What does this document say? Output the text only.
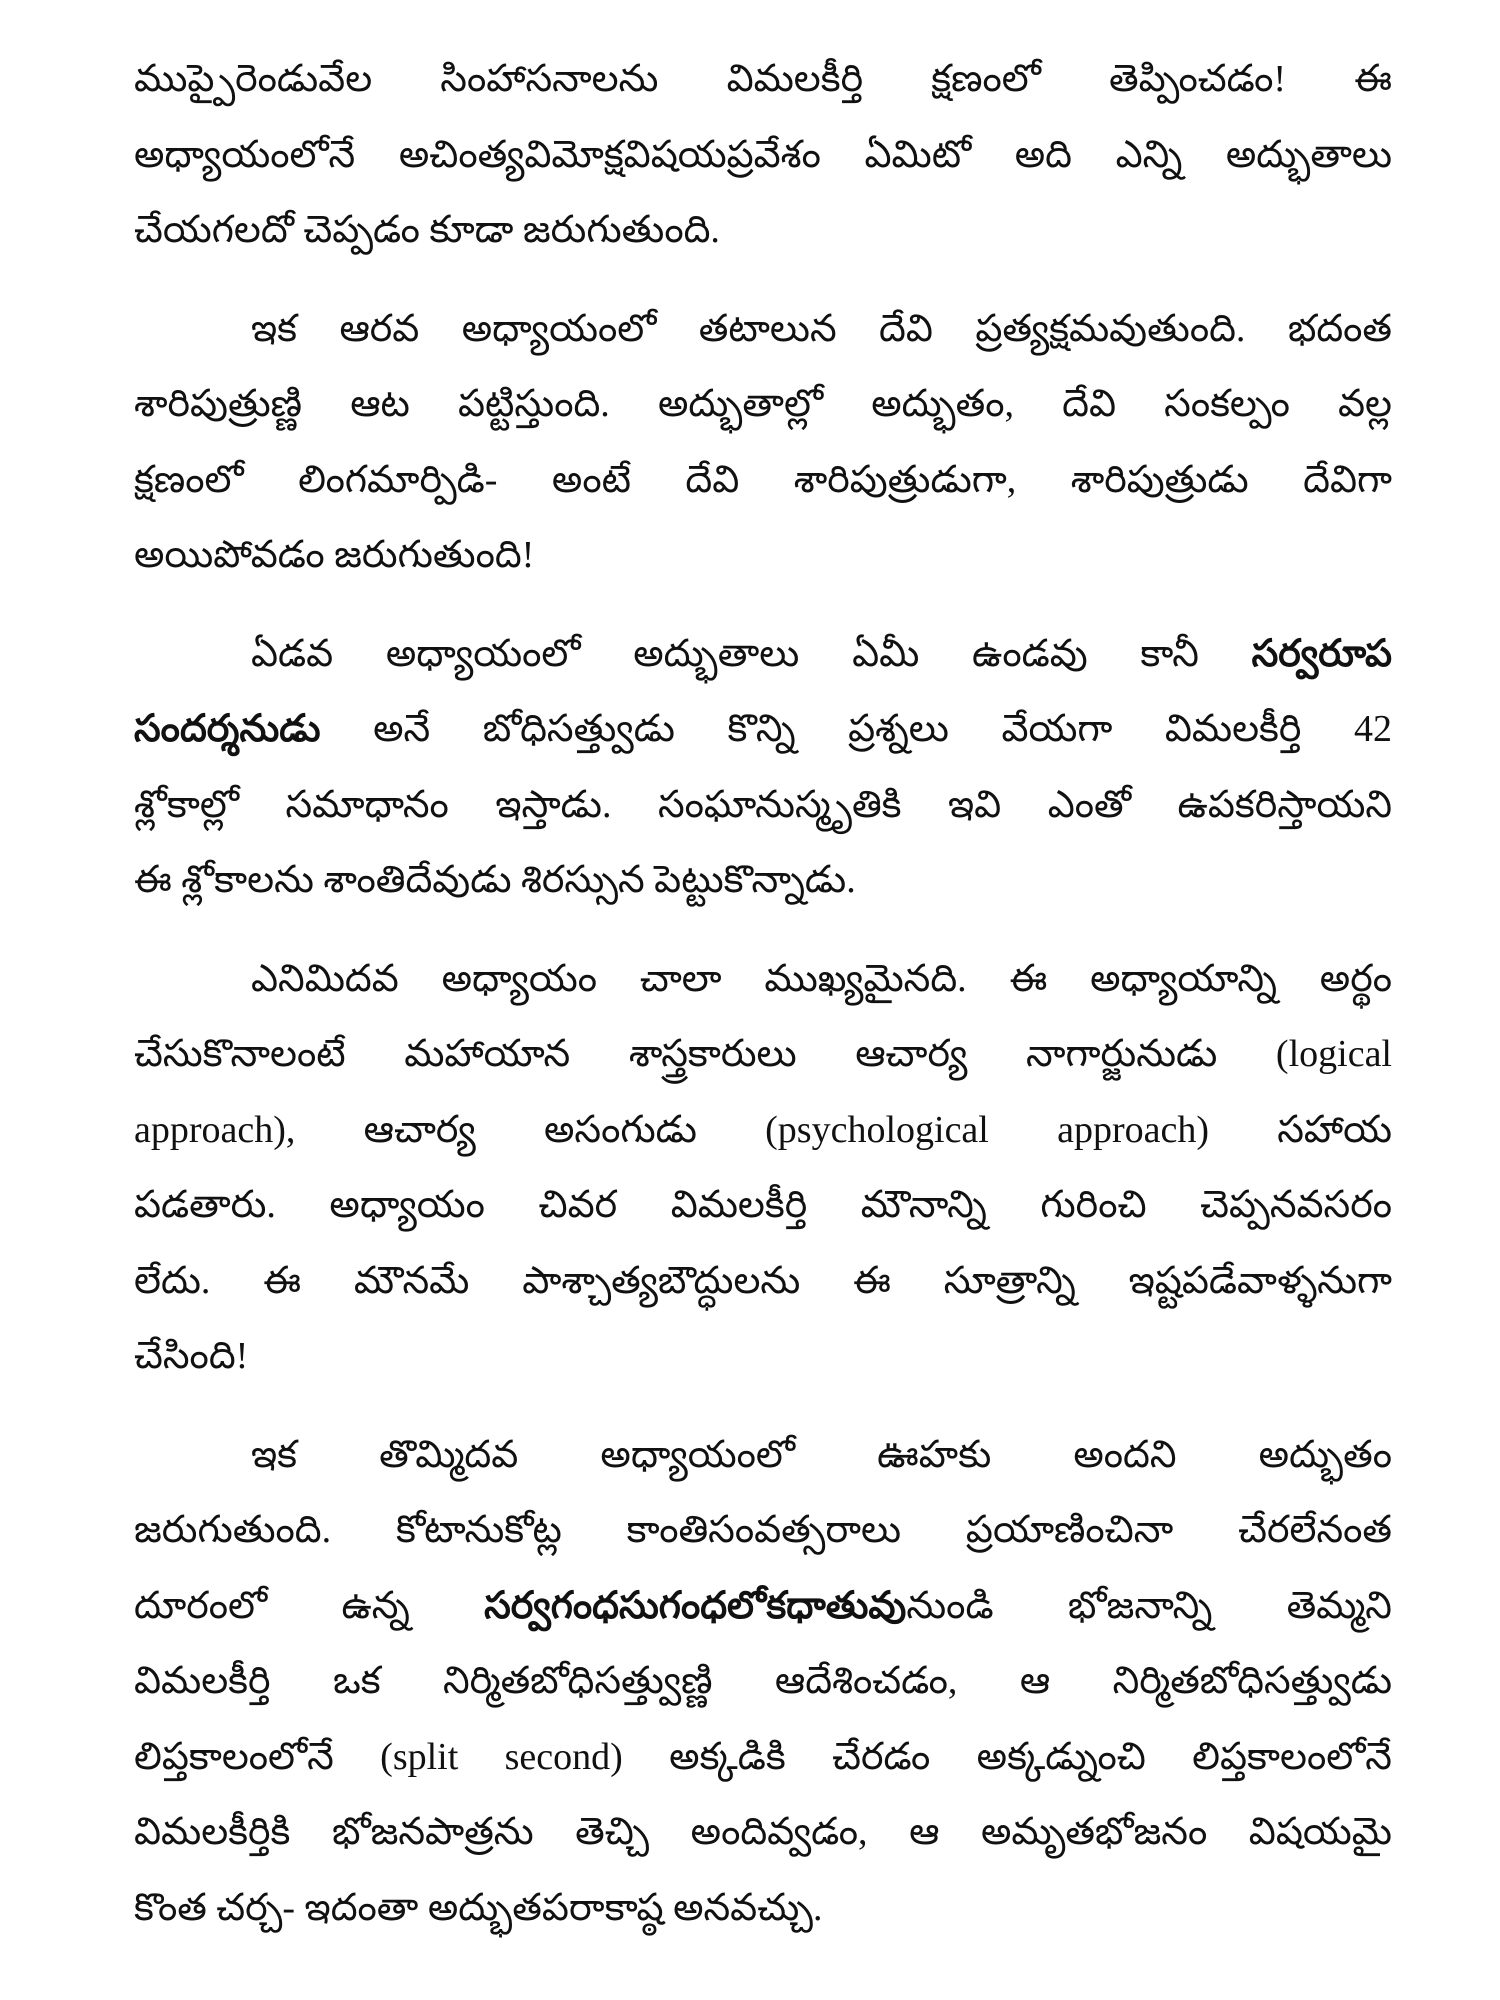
ముప్పైరెండువేల సింహాసనాలను విమలకీర్తి క్షణంలో తెప్పించడం! ఈ
అధ్యాయంలోనే అచింత్యవిమోక్షవిషయప్రవేశం ఏమిటో అది ఎన్ని అద్భుతాలు
చేయగలదో చెప్పడం కూడా జరుగుతుంది.
ఇక ఆరవ అధ్యాయంలో తటాలున దేవి ప్రత్యక్షమవుతుంది. భదంత
శారిపుత్రుణ్ణి ఆట పట్టిస్తుంది. అద్భుతాల్లో అద్భుతం, దేవి సంకల్పం వల్ల
క్షణంలో లింగమార్పిడి- అంటే దేవి శారిపుత్రుడుగా, శారిపుత్రుడు దేవిగా
అయిపోవడం జరుగుతుంది!
ఏడవ అధ్యాయంలో అద్భుతాలు ఏమీ ఉండవు కానీ సర్వరూప
సందర్శనుడు అనే బోధిసత్త్వుడు కొన్ని ప్రశ్నలు వేయగా విమలకీర్తి 42
శ్లోకాల్లో సమాధానం ఇస్తాడు. సంఘానుస్మృతికి ఇవి ఎంతో ఉపకరిస్తాయని
ఈ శ్లోకాలను శాంతిదేవుడు శిరస్సున పెట్టుకొన్నాడు.
ఎనిమిదవ అధ్యాయం చాలా ముఖ్యమైనది. ఈ అధ్యాయాన్ని అర్థం
చేసుకొనాలంటే మహాయాన శాస్త్రకారులు ఆచార్య నాగార్జునుడు (logical
approach), ఆచార్య అసంగుడు (psychological approach) సహాయ
పడతారు. అధ్యాయం చివర విమలకీర్తి మౌనాన్ని గురించి చెప్పనవసరం
లేదు. ఈ మౌనమే పాశ్చాత్యబౌద్ధులను ఈ సూత్రాన్ని ఇష్టపడేవాళ్ళనుగా
చేసింది!
ఇక తొమ్మిదవ అధ్యాయంలో ఊహకు అందని అద్భుతం
జరుగుతుంది. కోటానుకోట్ల కాంతిసంవత్సరాలు ప్రయాణించినా చేరలేనంత
దూరంలో ఉన్న సర్వగంధసుగంధలోకధాతువునుండి భోజనాన్ని తెమ్మని
విమలకీర్తి ఒక నిర్మితబోధిసత్త్వుణ్ణి ఆదేశించడం, ఆ నిర్మితబోధిసత్త్వుడు
లిప్తకాలంలోనే (split second) అక్కడికి చేరడం అక్కడ్నుంచి లిప్తకాలంలోనే
విమలకీర్తికి భోజనపాత్రను తెచ్చి అందివ్వడం, ఆ అమృతభోజనం విషయమై
కొంత చర్చ- ఇదంతా అద్భుతపరాకాష్ఠ అనవచ్చు.
